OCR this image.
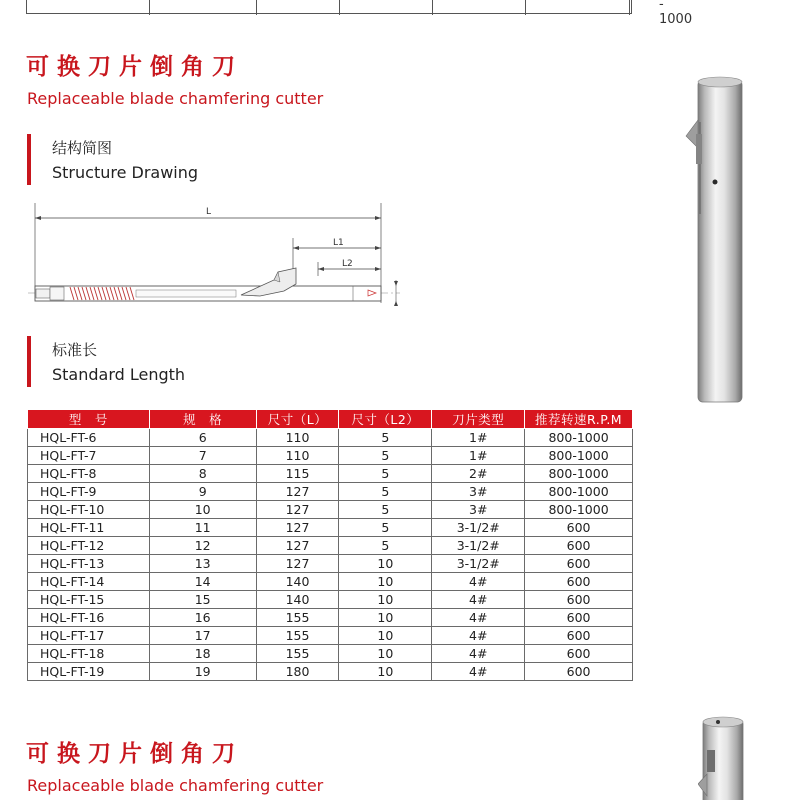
- 1000
可换刀片倒角刀
Replaceable blade chamfering cutter
结构简图
Structure Drawing
L
L1
L2
标准长
Standard Length
型　号	规　格	尺寸（L）	尺寸（L2）	刀片类型	推荐转速R.P.M
HQL-FT-6	6	110	5	1#	800-1000
HQL-FT-7	7	110	5	1#	800-1000
HQL-FT-8	8	115	5	2#	800-1000
HQL-FT-9	9	127	5	3#	800-1000
HQL-FT-10	10	127	5	3#	800-1000
HQL-FT-11	11	127	5	3-1/2#	600
HQL-FT-12	12	127	5	3-1/2#	600
HQL-FT-13	13	127	10	3-1/2#	600
HQL-FT-14	14	140	10	4#	600
HQL-FT-15	15	140	10	4#	600
HQL-FT-16	16	155	10	4#	600
HQL-FT-17	17	155	10	4#	600
HQL-FT-18	18	155	10	4#	600
HQL-FT-19	19	180	10	4#	600
可换刀片倒角刀
Replaceable blade chamfering cutter
